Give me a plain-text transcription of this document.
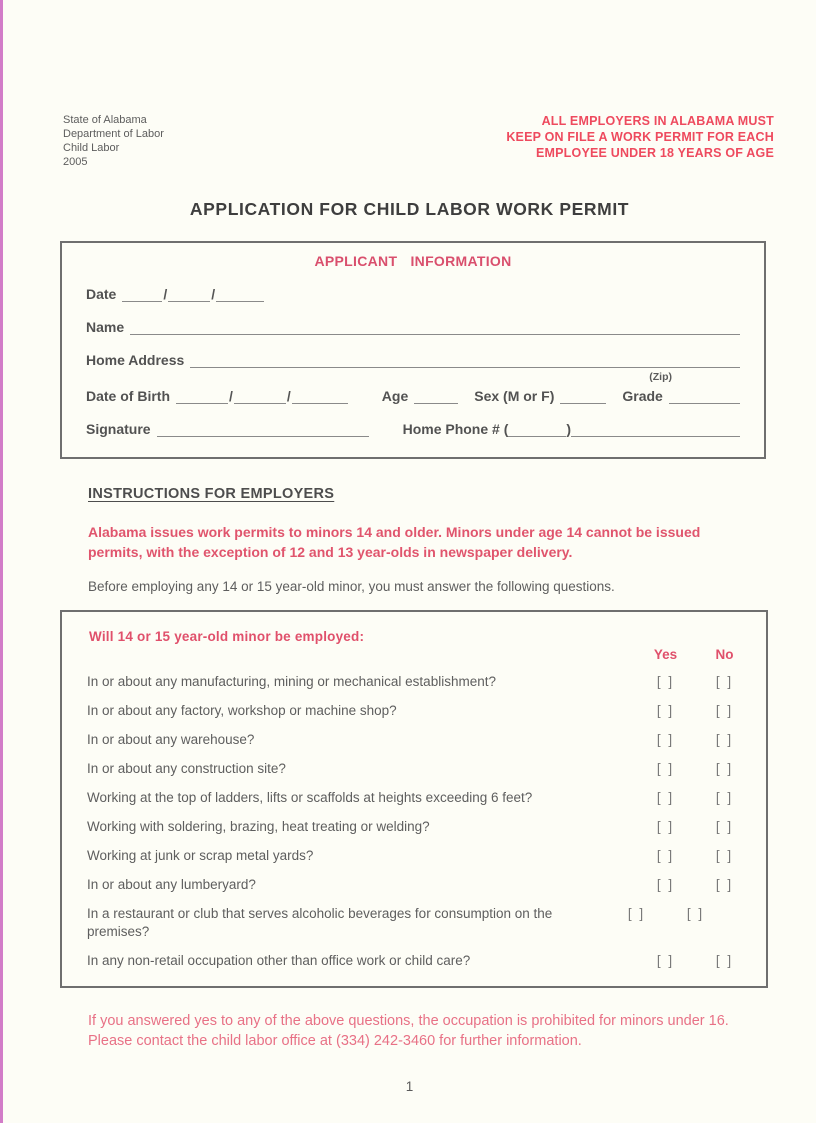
State of Alabama
Department of Labor
Child Labor
2005
ALL EMPLOYERS IN ALABAMA MUST
KEEP ON FILE A WORK PERMIT FOR EACH
EMPLOYEE UNDER 18 YEARS OF AGE
APPLICATION FOR CHILD LABOR WORK PERMIT
APPLICANT INFORMATION
Date	/	/
Name
Home Address
(Zip)
Date of Birth	/	/	Age	Sex (M or F)	Grade
Signature	Home Phone # (	)
INSTRUCTIONS FOR EMPLOYERS

Alabama issues work permits to minors 14 and older. Minors under age 14 cannot be issued permits, with the exception of 12 and 13 year-olds in newspaper delivery.

Before employing any 14 or 15 year-old minor, you must answer the following questions.

Will 14 or 15 year-old minor be employed:
Yes	No
In or about any manufacturing, mining or mechanical establishment?	[ ]	[ ]
In or about any factory, workshop or machine shop?	[ ]	[ ]
In or about any warehouse?	[ ]	[ ]
In or about any construction site?	[ ]	[ ]
Working at the top of ladders, lifts or scaffolds at heights exceeding 6 feet?	[ ]	[ ]
Working with soldering, brazing, heat treating or welding?	[ ]	[ ]
Working at junk or scrap metal yards?	[ ]	[ ]
In or about any lumberyard?	[ ]	[ ]
In a restaurant or club that serves alcoholic beverages for consumption on the premises?
[ ]	[ ]
In any non-retail occupation other than office work or child care?	[ ]	[ ]

If you answered yes to any of the above questions, the occupation is prohibited for minors under 16. Please contact the child labor office at (334) 242-3460 for further information.

1
